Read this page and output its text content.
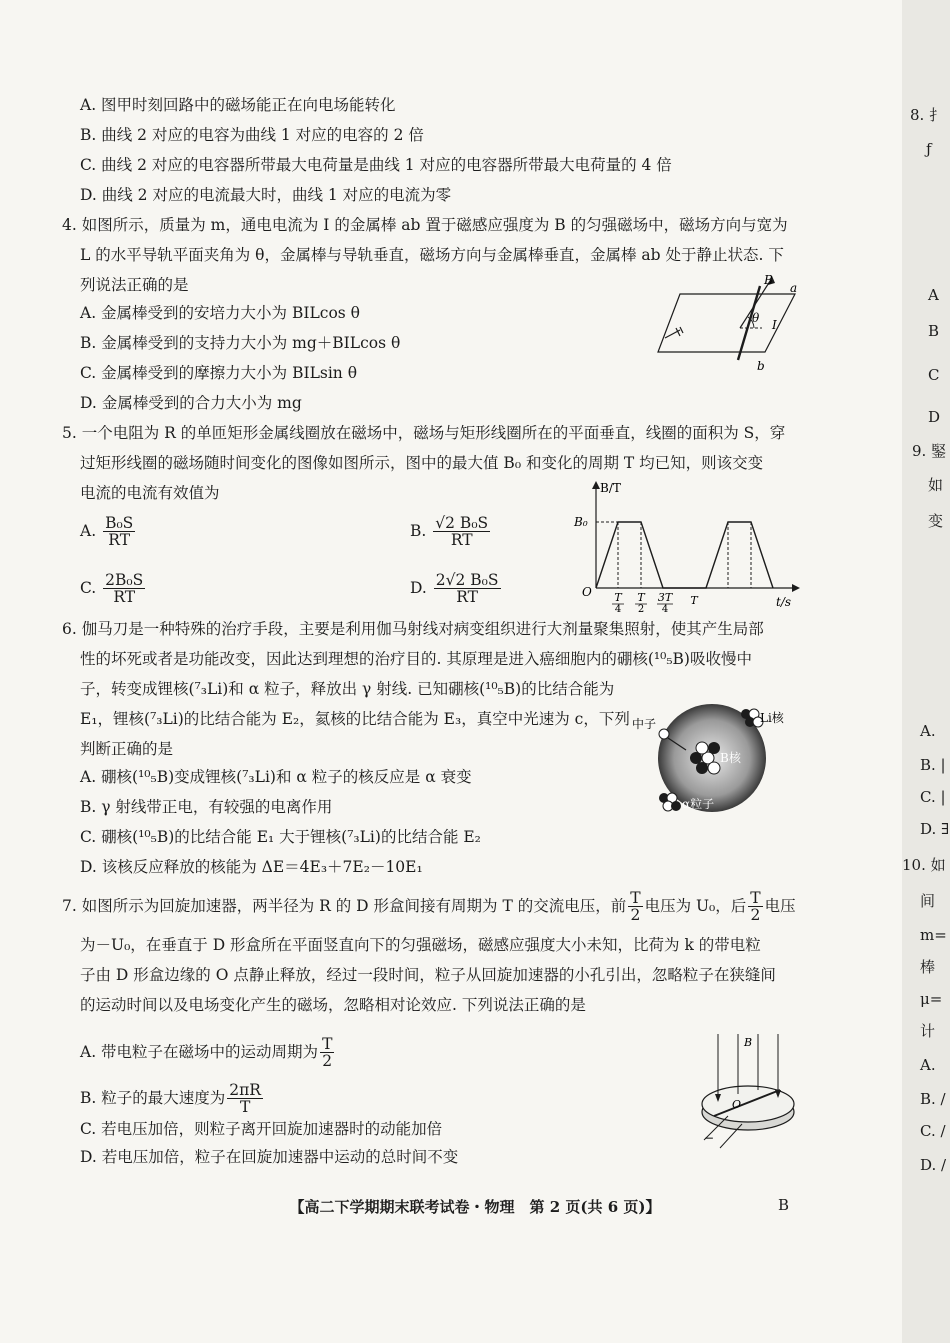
A. 图甲时刻回路中的磁场能正在向电场能转化
B. 曲线 2 对应的电容为曲线 1 对应的电容的 2 倍
C. 曲线 2 对应的电容器所带最大电荷量是曲线 1 对应的电容器所带最大电荷量的 4 倍
D. 曲线 2 对应的电流最大时，曲线 1 对应的电流为零
4. 如图所示，质量为 m，通电电流为 I 的金属棒 ab 置于磁感应强度为 B 的匀强磁场中，磁场方向与宽为
L 的水平导轨平面夹角为 θ，金属棒与导轨垂直，磁场方向与金属棒垂直，金属棒 ab 处于静止状态. 下
列说法正确的是
A. 金属棒受到的安培力大小为 BILcos θ
B. 金属棒受到的支持力大小为 mg＋BILcos θ
C. 金属棒受到的摩擦力大小为 BILsin θ
D. 金属棒受到的合力大小为 mg
B
a
b
θ I
5. 一个电阻为 R 的单匝矩形金属线圈放在磁场中，磁场与矩形线圈所在的平面垂直，线圈的面积为 S，穿
过矩形线圈的磁场随时间变化的图像如图所示，图中的最大值 B₀ 和变化的周期 T 均已知，则该交变
电流的电流有效值为
A. $\frac{\text{B₀S}}{RT}$	B. $\frac{\text{√2 B₀S}}{RT}$
C. $\frac{\text{2B₀S}}{RT}$	D. $\frac{\text{2√2 B₀S}}{RT}$
B/T
t/s
O
B₀
T
4
T
2
3T
4
T
6. 伽马刀是一种特殊的治疗手段，主要是利用伽马射线对病变组织进行大剂量聚集照射，使其产生局部
性的坏死或者是功能改变，因此达到理想的治疗目的. 其原理是进入癌细胞内的硼核(¹⁰₅B)吸收慢中
子，转变成锂核(⁷₃Li)和 α 粒子，释放出 γ 射线. 已知硼核(¹⁰₅B)的比结合能为
E₁，锂核(⁷₃Li)的比结合能为 E₂，氦核的比结合能为 E₃，真空中光速为 c，下列
判断正确的是
A. 硼核(¹⁰₅B)变成锂核(⁷₃Li)和 α 粒子的核反应是 α 衰变
B. γ 射线带正电，有较强的电离作用
C. 硼核(¹⁰₅B)的比结合能 E₁ 大于锂核(⁷₃Li)的比结合能 E₂
D. 该核反应释放的核能为 ΔE＝4E₃＋7E₂－10E₁
中子	Li核
B核
α粒子
7. 如图所示为回旋加速器，两半径为 R 的 D 形盒间接有周期为 T 的交流电压，前 $\frac{T}{2}$ 电压为 U₀，后 $\frac{T}{2}$ 电压
为－U₀，在垂直于 D 形盒所在平面竖直向下的匀强磁场，磁感应强度大小未知，比荷为 k 的带电粒
子由 D 形盒边缘的 O 点静止释放，经过一段时间，粒子从回旋加速器的小孔引出，忽略粒子在狭缝间
的运动时间以及电场变化产生的磁场，忽略相对论效应. 下列说法正确的是
A. 带电粒子在磁场中的运动周期为 $\frac{T}{2}$
B. 粒子的最大速度为 $\frac{2\pi R}{T}$
C. 若电压加倍，则粒子离开回旋加速器时的动能加倍
D. 若电压加倍，粒子在回旋加速器中运动的总时间不变
B
O
−
【高二下学期期末联考试卷・物理　第 2 页(共 6 页)】	B
8. 扌
ƒ
A
B
C
D
9. 鋻
如
变
A.
B. |
C. |
D. ∃
10. 如
间
m=
棒
μ=
计
A.
B. /
C. /
D. /
